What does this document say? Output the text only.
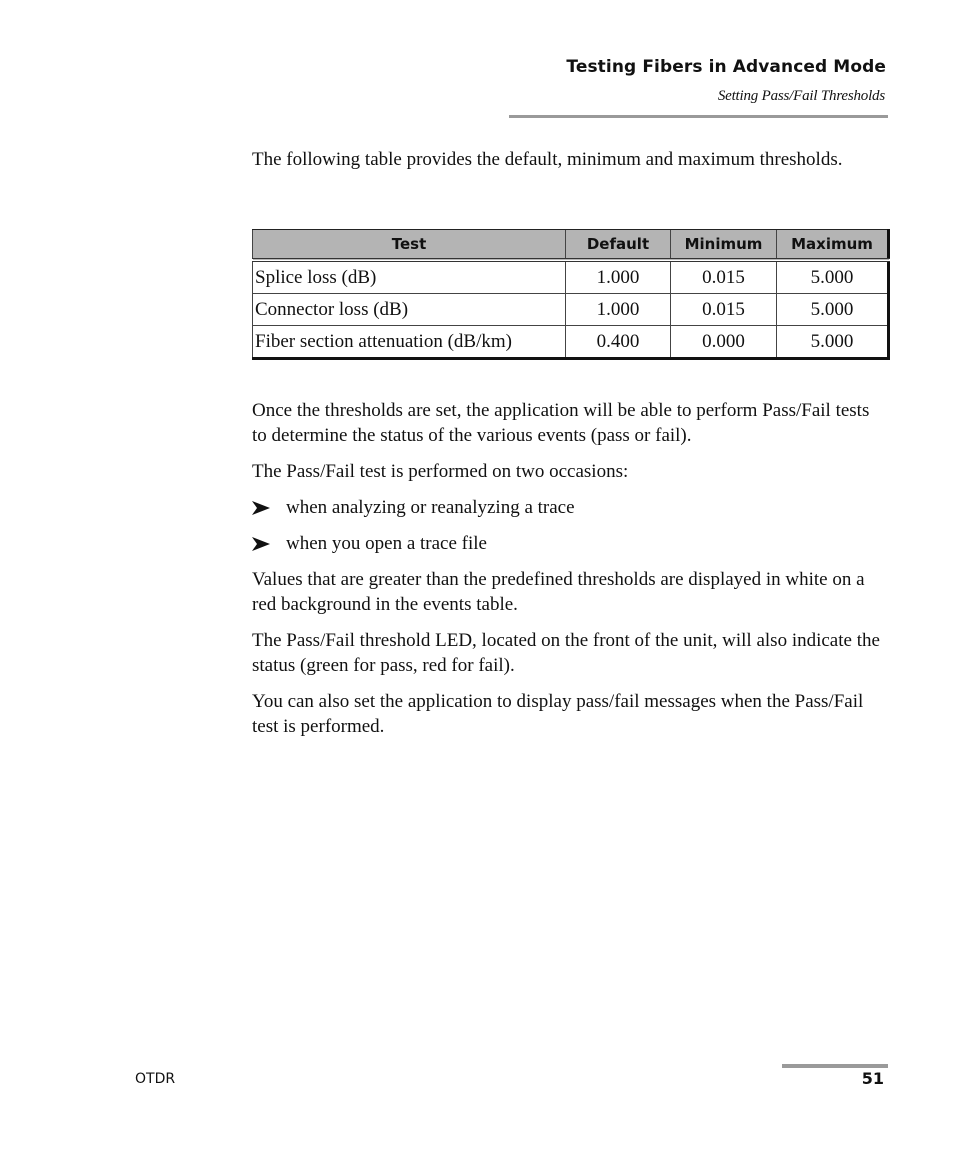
Testing Fibers in Advanced Mode
Setting Pass/Fail Thresholds

The following table provides the default, minimum and maximum thresholds.

Test	Default	Minimum	Maximum
Splice loss (dB)	1.000	0.015	5.000
Connector loss (dB)	1.000	0.015	5.000
Fiber section attenuation (dB/km)	0.400	0.000	5.000

Once the thresholds are set, the application will be able to perform Pass/Fail tests to determine the status of the various events (pass or fail).

The Pass/Fail test is performed on two occasions:

when analyzing or reanalyzing a trace
when you open a trace file

Values that are greater than the predefined thresholds are displayed in white on a red background in the events table.

The Pass/Fail threshold LED, located on the front of the unit, will also indicate the status (green for pass, red for fail).

You can also set the application to display pass/fail messages when the Pass/Fail test is performed.

OTDR	51
